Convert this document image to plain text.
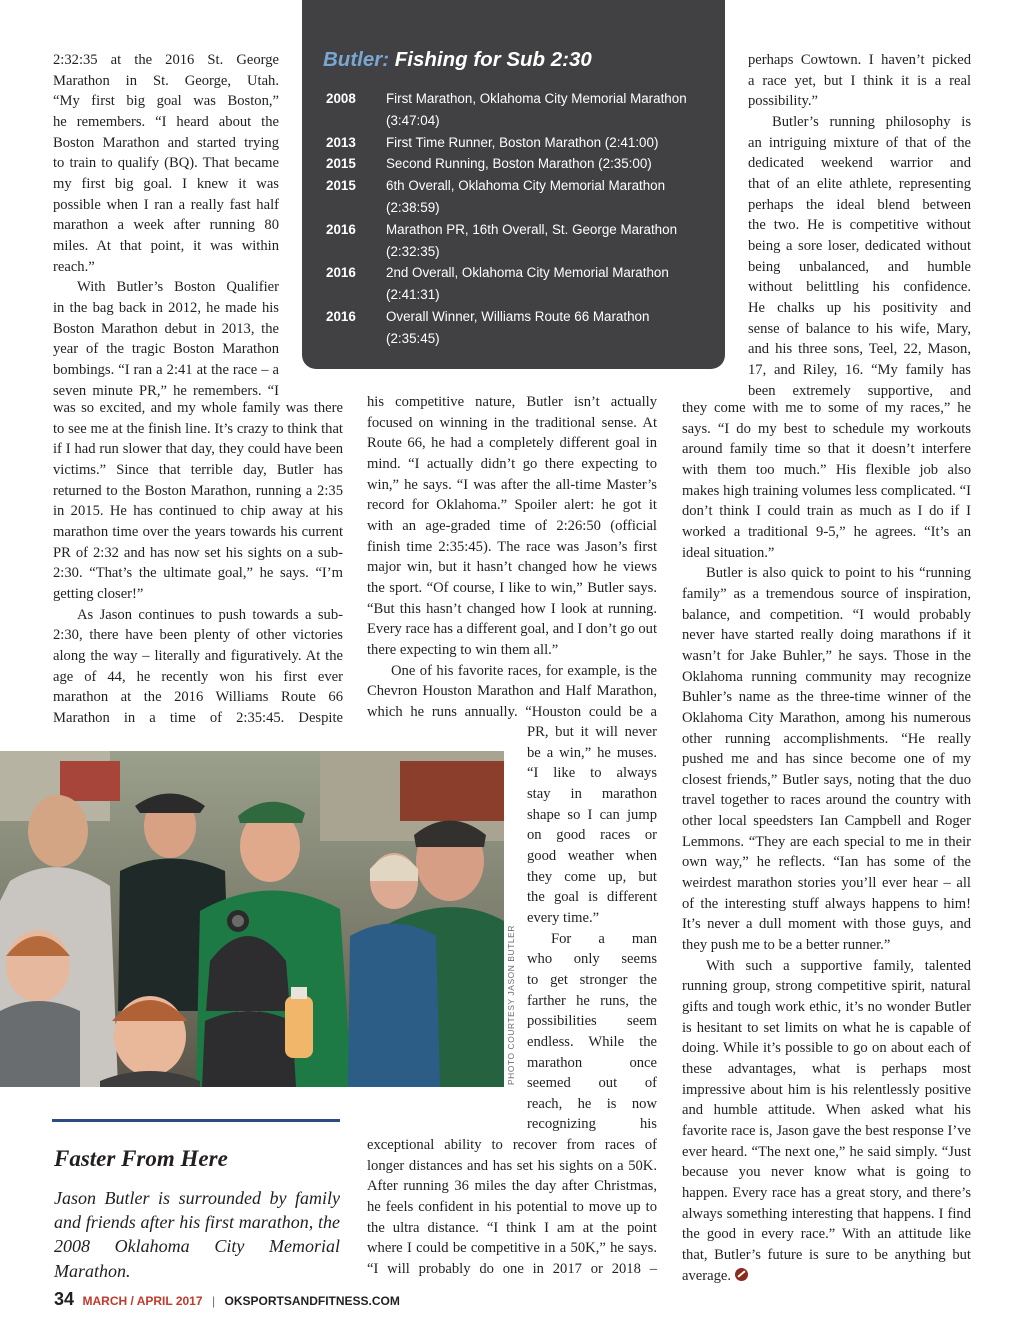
Butler: Fishing for Sub 2:30
2008 First Marathon, Oklahoma City Memorial Marathon
(3:47:04)
2013 First Time Runner, Boston Marathon (2:41:00)
2015 Second Running, Boston Marathon (2:35:00)
2015 6th Overall, Oklahoma City Memorial Marathon
(2:38:59)
2016 Marathon PR, 16th Overall, St. George Marathon
(2:32:35)
2016 2nd Overall, Oklahoma City Memorial Marathon
(2:41:31)
2016 Overall Winner, Williams Route 66 Marathon
(2:35:45)
2:32:35 at the 2016 St. George
Marathon in St. George, Utah.
“My first big goal was Boston,”
he remembers. “I heard about the
Boston Marathon and started trying
to train to qualify (BQ). That became
my first big goal. I knew it was
possible when I ran a really fast half
marathon a week after running 80
miles. At that point, it was within
reach.”
With Butler’s Boston Qualifier
in the bag back in 2012, he made his
Boston Marathon debut in 2013, the
year of the tragic Boston Marathon
bombings. “I ran a 2:41 at the race – a
seven minute PR,” he remembers. “I
was so excited, and my whole family was there to see me at the finish line. It’s crazy to think that if I had run slower that day, they could have been victims.” Since that terrible day, Butler has returned to the Boston Marathon, running a 2:35 in 2015. He has continued to chip away at his marathon time over the years towards his current PR of 2:32 and has now set his sights on a sub-2:30. “That’s the ultimate goal,” he says. “I’m getting closer!”
As Jason continues to push towards a sub-2:30, there have been plenty of other victories along the way – literally and figuratively. At the age of 44, he recently won his first ever marathon at the 2016 Williams Route 66 Marathon in a time of 2:35:45. Despite
his competitive nature, Butler isn’t actually focused on winning in the traditional sense. At Route 66, he had a completely different goal in mind. “I actually didn’t go there expecting to win,” he says. “I was after the all-time Master’s record for Oklahoma.” Spoiler alert: he got it with an age-graded time of 2:26:50 (official finish time 2:35:45). The race was Jason’s first major win, but it hasn’t changed how he views the sport. “Of course, I like to win,” Butler says. “But this hasn’t changed how I look at running. Every race has a different goal, and I don’t go out there expecting to win them all.”
One of his favorite races, for example, is the Chevron Houston Marathon and Half Marathon, which he runs annually. “Houston could be a
PR, but it will never
be a win,” he muses.
“I like to always
stay in marathon
shape so I can jump
on good races or
good weather when
they come up, but
the goal is different
every time.”
For a man
who only seems
to get stronger the
farther he runs, the
possibilities seem
endless. While the
marathon once
seemed out of
reach, he is now
recognizing his
exceptional ability to recover from races of longer distances and has set his sights on a 50K. After running 36 miles the day after Christmas, he feels confident in his potential to move up to the ultra distance. “I think I am at the point where I could be competitive in a 50K,” he says. “I will probably do one in 2017 or 2018 –
perhaps Cowtown. I haven’t picked
a race yet, but I think it is a real
possibility.”
Butler’s running philosophy is
an intriguing mixture of that of the
dedicated weekend warrior and
that of an elite athlete, representing
perhaps the ideal blend between
the two. He is competitive without
being a sore loser, dedicated without
being unbalanced, and humble
without belittling his confidence.
He chalks up his positivity and
sense of balance to his wife, Mary,
and his three sons, Teel, 22, Mason,
17, and Riley, 16. “My family has
been extremely supportive, and
they come with me to some of my races,” he says. “I do my best to schedule my workouts around family time so that it doesn’t interfere with them too much.” His flexible job also makes high training volumes less complicated. “I don’t think I could train as much as I do if I worked a traditional 9-5,” he agrees. “It’s an ideal situation.”
Butler is also quick to point to his “running family” as a tremendous source of inspiration, balance, and competition. “I would probably never have started really doing marathons if it wasn’t for Jake Buhler,” he says. Those in the Oklahoma running community may recognize Buhler’s name as the three-time winner of the Oklahoma City Marathon, among his numerous other running accomplishments. “He really pushed me and has since become one of my closest friends,” Butler says, noting that the duo travel together to races around the country with other local speedsters Ian Campbell and Roger Lemmons. “They are each special to me in their own way,” he reflects. “Ian has some of the weirdest marathon stories you’ll ever hear – all of the interesting stuff always happens to him! It’s never a dull moment with those guys, and they push me to be a better runner.”
With such a supportive family, talented running group, strong competitive spirit, natural gifts and tough work ethic, it’s no wonder Butler is hesitant to set limits on what he is capable of doing. While it’s possible to go on about each of these advantages, what is perhaps most impressive about him is his relentlessly positive and humble attitude. When asked what his favorite race is, Jason gave the best response I’ve ever heard. “The next one,” he said simply. “Just because you never know what is going to happen. Every race has a great story, and there’s always something interesting that happens. I find the good in every race.” With an attitude like that, Butler’s future is sure to be anything but average.
PHOTO COURTESY JASON BUTLER
Faster From Here
Jason Butler is surrounded by family and friends after his first marathon, the 2008 Oklahoma City Memorial Marathon.
34 MARCH / APRIL 2017 | OKSPORTSANDFITNESS.COM
